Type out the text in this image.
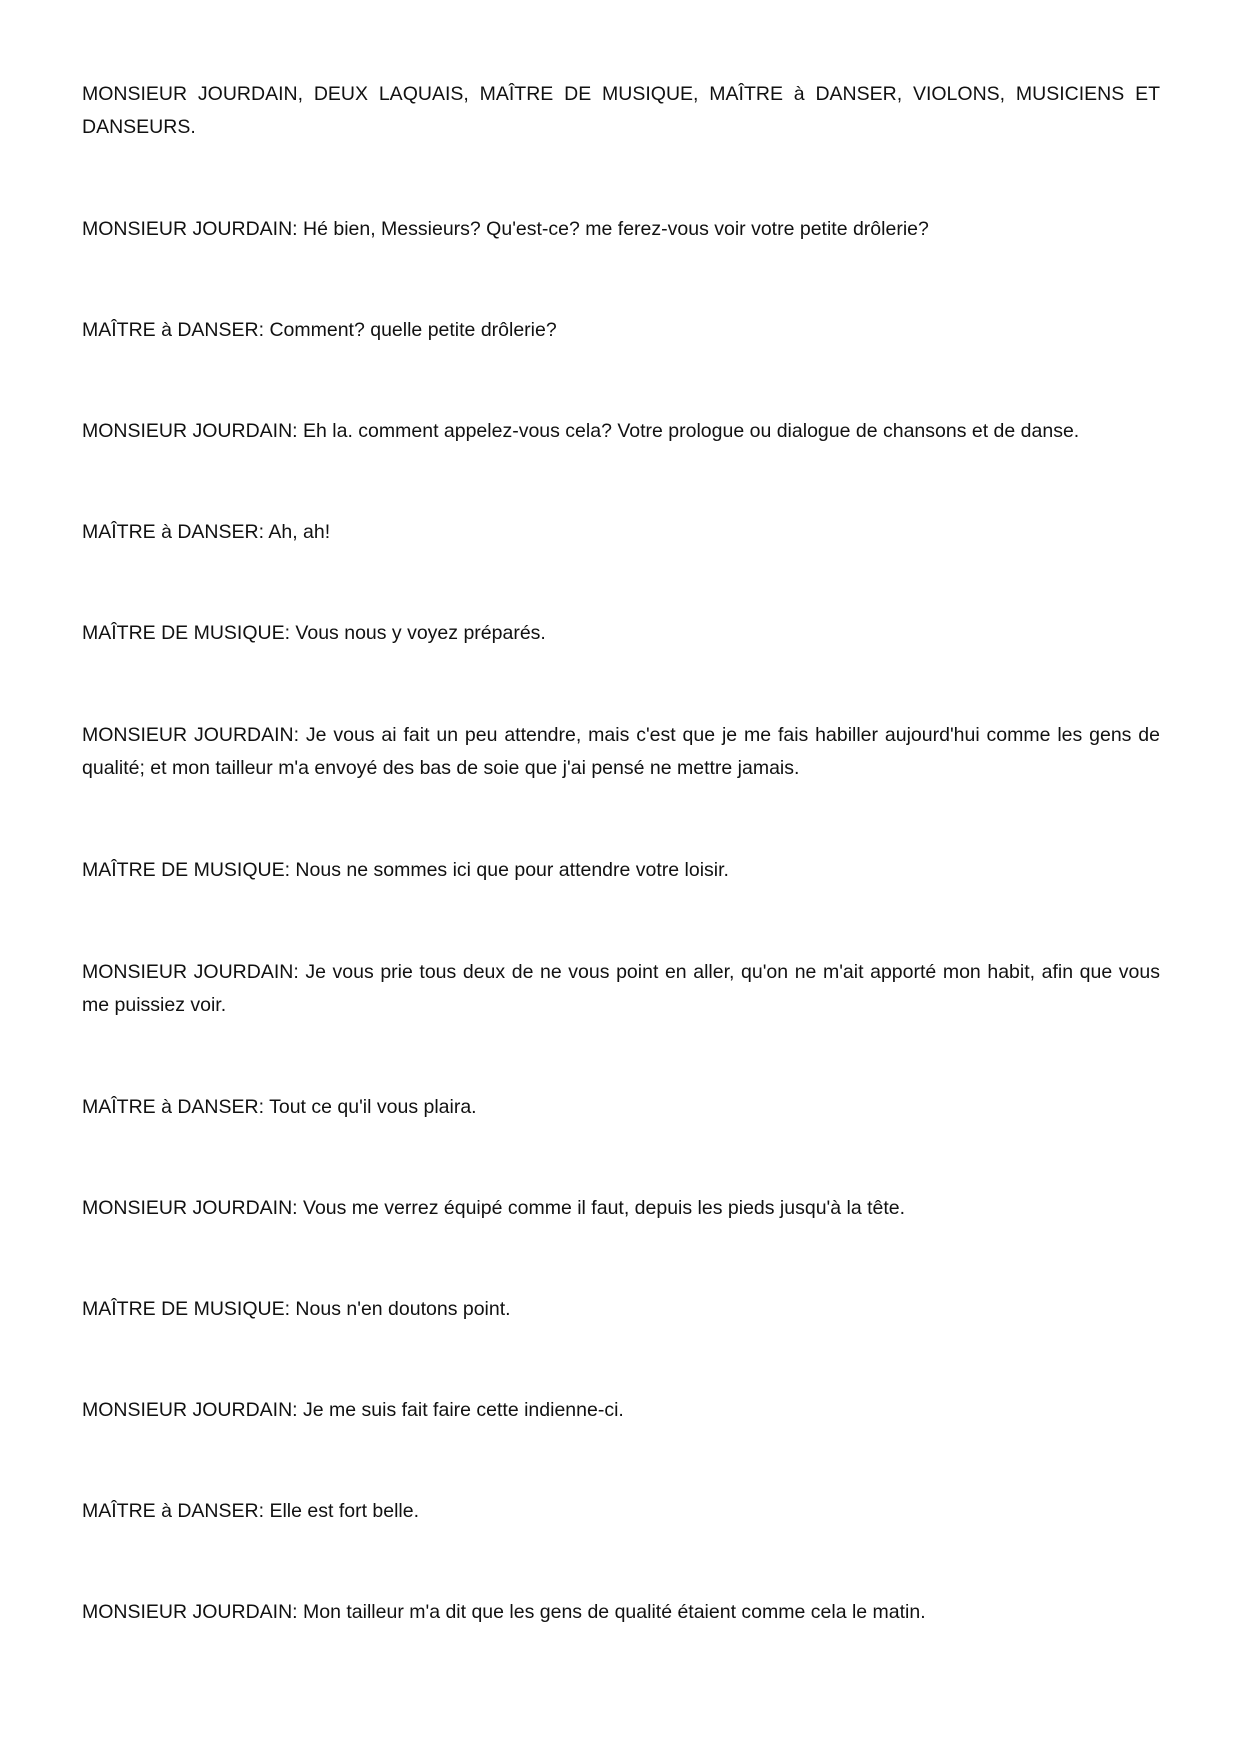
MONSIEUR JOURDAIN, DEUX LAQUAIS, MAÎTRE DE MUSIQUE, MAÎTRE à DANSER, VIOLONS, MUSICIENS ET DANSEURS.

MONSIEUR JOURDAIN: Hé bien, Messieurs? Qu'est-ce? me ferez-vous voir votre petite drôlerie?

MAÎTRE à DANSER: Comment? quelle petite drôlerie?

MONSIEUR JOURDAIN: Eh la. comment appelez-vous cela? Votre prologue ou dialogue de chansons et de danse.

MAÎTRE à DANSER: Ah, ah!

MAÎTRE DE MUSIQUE: Vous nous y voyez préparés.

MONSIEUR JOURDAIN: Je vous ai fait un peu attendre, mais c'est que je me fais habiller aujourd'hui comme les gens de qualité; et mon tailleur m'a envoyé des bas de soie que j'ai pensé ne mettre jamais.

MAÎTRE DE MUSIQUE: Nous ne sommes ici que pour attendre votre loisir.

MONSIEUR JOURDAIN: Je vous prie tous deux de ne vous point en aller, qu'on ne m'ait apporté mon habit, afin que vous me puissiez voir.

MAÎTRE à DANSER: Tout ce qu'il vous plaira.

MONSIEUR JOURDAIN: Vous me verrez équipé comme il faut, depuis les pieds jusqu'à la tête.

MAÎTRE DE MUSIQUE: Nous n'en doutons point.

MONSIEUR JOURDAIN: Je me suis fait faire cette indienne-ci.

MAÎTRE à DANSER: Elle est fort belle.

MONSIEUR JOURDAIN: Mon tailleur m'a dit que les gens de qualité étaient comme cela le matin.
